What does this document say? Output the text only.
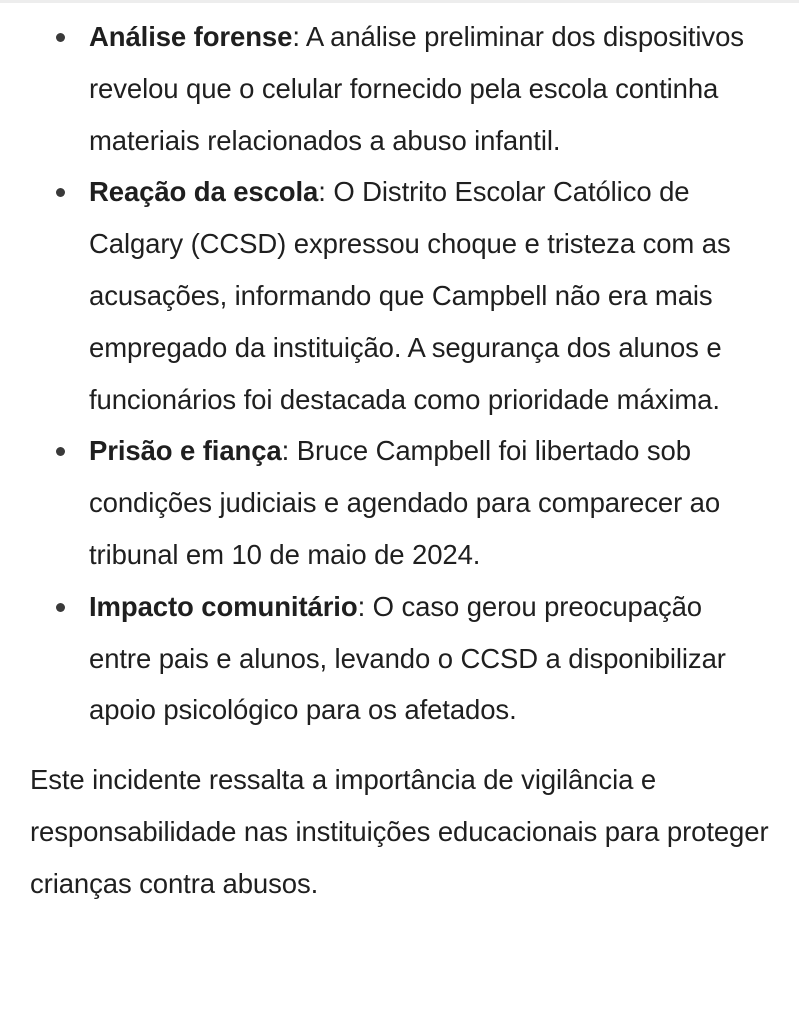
Análise forense: A análise preliminar dos dispositivos revelou que o celular fornecido pela escola continha materiais relacionados a abuso infantil.
Reação da escola: O Distrito Escolar Católico de Calgary (CCSD) expressou choque e tristeza com as acusações, informando que Campbell não era mais empregado da instituição. A segurança dos alunos e funcionários foi destacada como prioridade máxima.
Prisão e fiança: Bruce Campbell foi libertado sob condições judiciais e agendado para comparecer ao tribunal em 10 de maio de 2024.
Impacto comunitário: O caso gerou preocupação entre pais e alunos, levando o CCSD a disponibilizar apoio psicológico para os afetados.

Este incidente ressalta a importância de vigilância e responsabilidade nas instituições educacionais para proteger crianças contra abusos.
